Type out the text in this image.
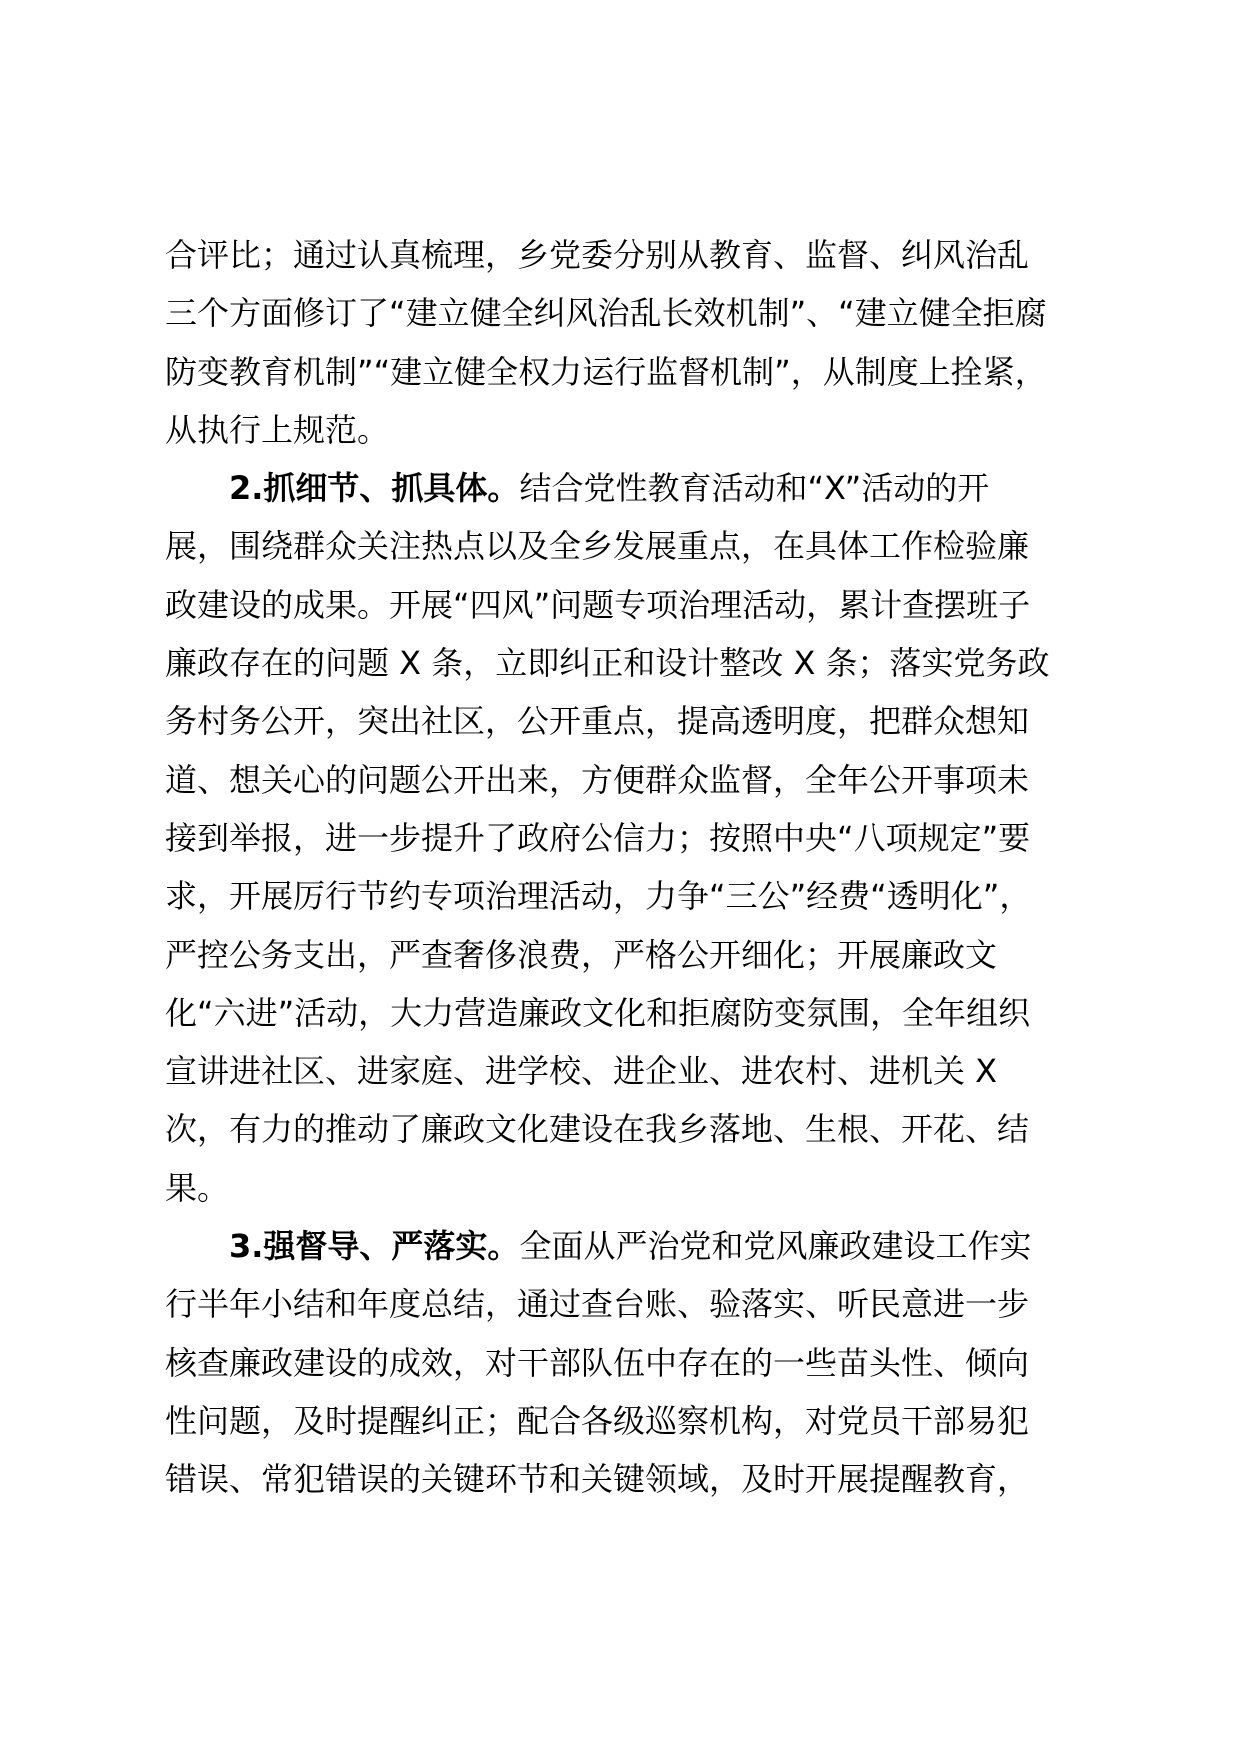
合评比；通过认真梳理，乡党委分别从教育、监督、纠风治乱
三个方面修订了“建立健全纠风治乱长效机制”、“建立健全拒腐
防变教育机制”“建立健全权力运行监督机制”，从制度上拴紧，
从执行上规范。
2.抓细节、抓具体。结合党性教育活动和“X”活动的开
展，围绕群众关注热点以及全乡发展重点，在具体工作检验廉
政建设的成果。开展“四风”问题专项治理活动，累计查摆班子
廉政存在的问题 X 条，立即纠正和设计整改 X 条；落实党务政
务村务公开，突出社区，公开重点，提高透明度，把群众想知
道、想关心的问题公开出来，方便群众监督，全年公开事项未
接到举报，进一步提升了政府公信力；按照中央“八项规定”要
求，开展厉行节约专项治理活动，力争“三公”经费“透明化”，
严控公务支出，严查奢侈浪费，严格公开细化；开展廉政文
化“六进”活动，大力营造廉政文化和拒腐防变氛围，全年组织
宣讲进社区、进家庭、进学校、进企业、进农村、进机关 X
次，有力的推动了廉政文化建设在我乡落地、生根、开花、结
果。
3.强督导、严落实。全面从严治党和党风廉政建设工作实
行半年小结和年度总结，通过查台账、验落实、听民意进一步
核查廉政建设的成效，对干部队伍中存在的一些苗头性、倾向
性问题，及时提醒纠正；配合各级巡察机构，对党员干部易犯
错误、常犯错误的关键环节和关键领域，及时开展提醒教育，
